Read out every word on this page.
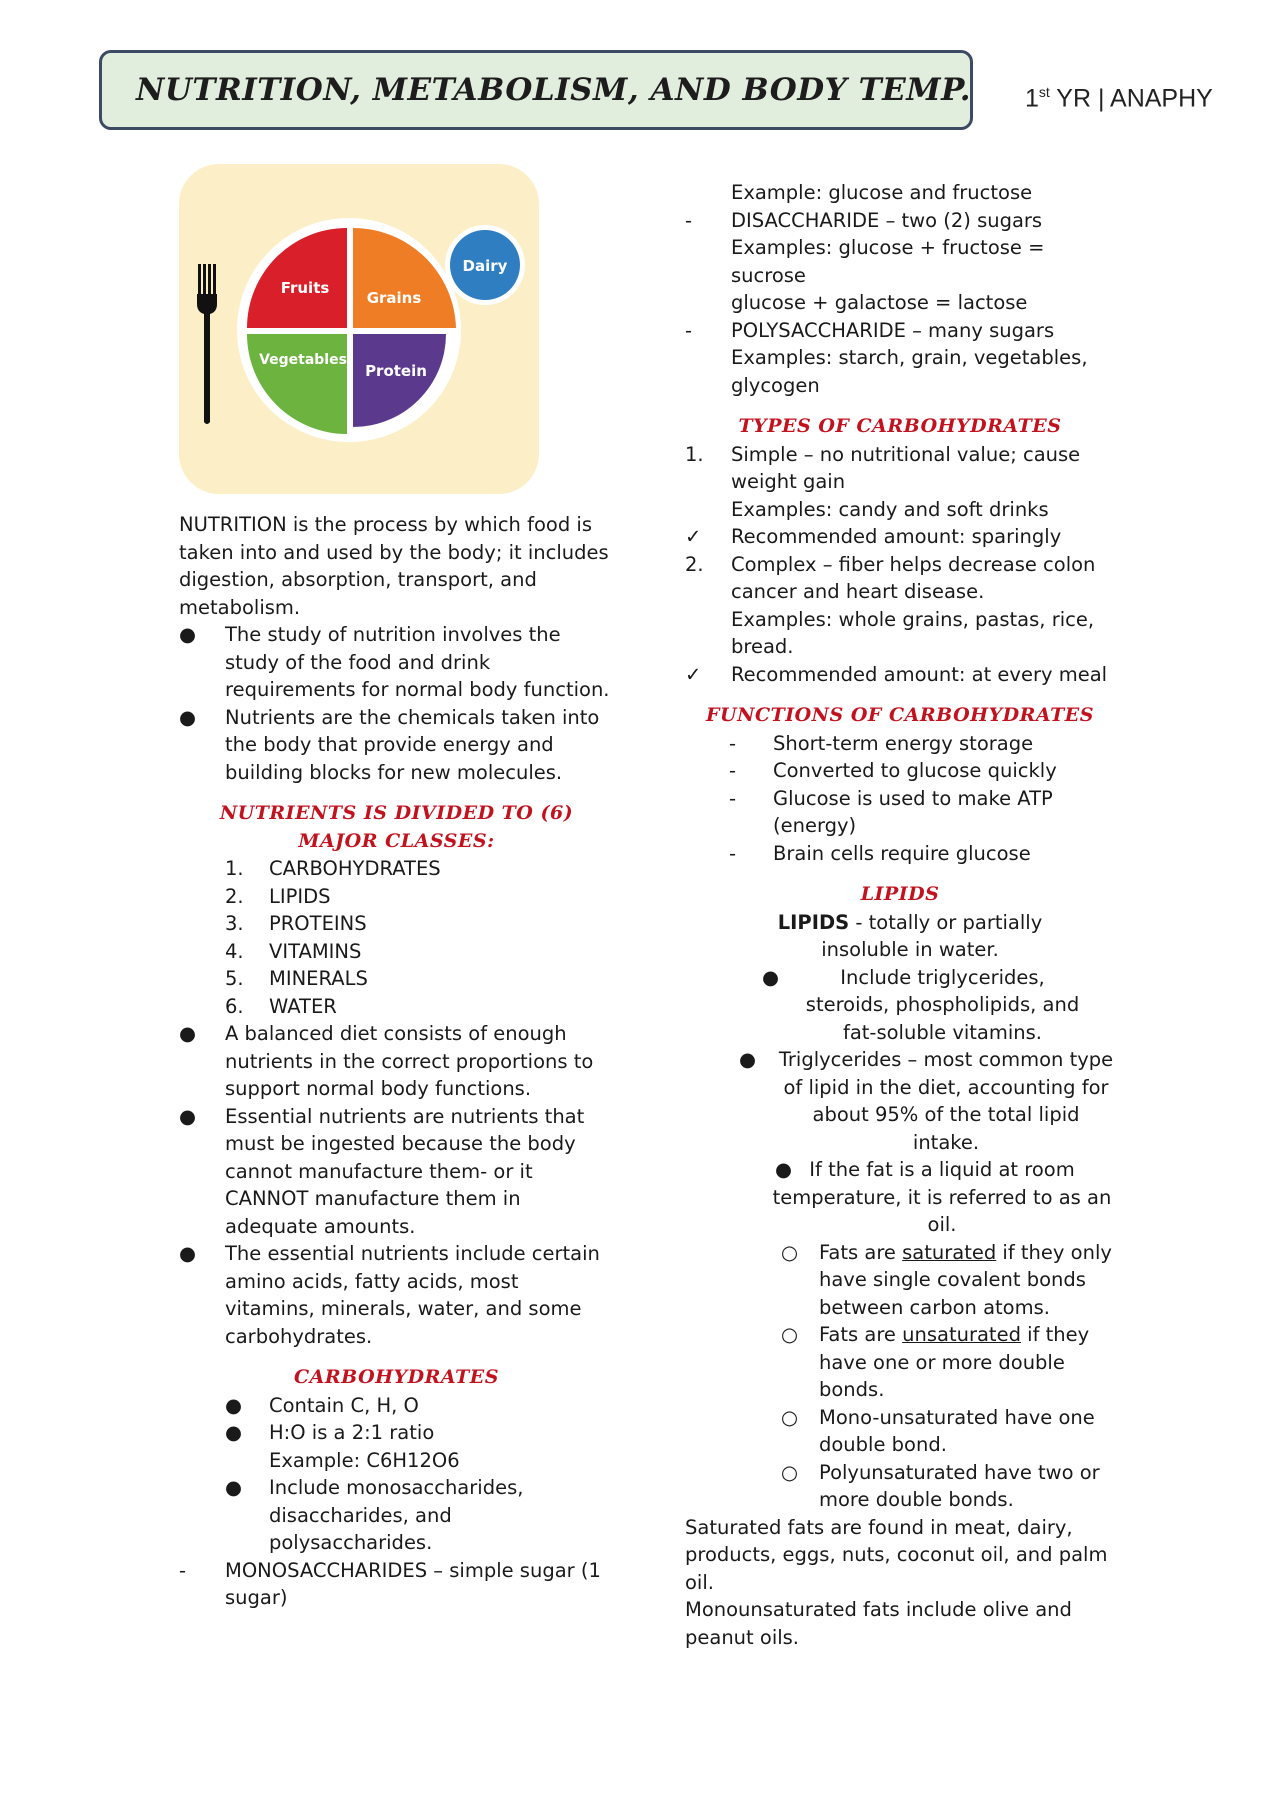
NUTRITION, METABOLISM, AND BODY TEMP. 1st YR | ANAPHY
Fruits
Grains
Vegetables
Protein
Dairy

NUTRITION is the process by which food is taken into and used by the body; it includes digestion, absorption, transport, and metabolism.

●	The study of nutrition involves the study of the food and drink requirements for normal body function.
●	Nutrients are the chemicals taken into the body that provide energy and building blocks for new molecules.

NUTRIENTS IS DIVIDED TO (6)

MAJOR CLASSES:

1.	CARBOHYDRATES
2.	LIPIDS
3.	PROTEINS
4.	VITAMINS
5.	MINERALS
6.	WATER
●	A balanced diet consists of enough nutrients in the correct proportions to support normal body functions.
●	Essential nutrients are nutrients that must be ingested because the body cannot manufacture them- or it CANNOT manufacture them in adequate amounts.
●	The essential nutrients include certain amino acids, fatty acids, most vitamins, minerals, water, and some carbohydrates.

CARBOHYDRATES

●	Contain C, H, O
●	H:O is a 2:1 ratio
Example: C6H12O6
●	Include monosaccharides, disaccharides, and polysaccharides.
-	MONOSACCHARIDES – simple sugar (1 sugar)
Example: glucose and fructose
-	DISACCHARIDE – two (2) sugars
Examples: glucose + fructose = sucrose
glucose + galactose = lactose
-	POLYSACCHARIDE – many sugars
Examples: starch, grain, vegetables, glycogen

TYPES OF CARBOHYDRATES

1.	Simple – no nutritional value; cause weight gain
Examples: candy and soft drinks
✓	Recommended amount: sparingly
2.	Complex – fiber helps decrease colon cancer and heart disease.
Examples: whole grains, pastas, rice, bread.
✓	Recommended amount: at every meal

FUNCTIONS OF CARBOHYDRATES

-	Short-term energy storage
-	Converted to glucose quickly
-	Glucose is used to make ATP (energy)
-	Brain cells require glucose

LIPIDS

LIPIDS - totally or partially insoluble in water.

●	Include triglycerides, steroids, phospholipids, and fat-soluble vitamins.
●	Triglycerides – most common type of lipid in the diet, accounting for about 95% of the total lipid intake.
● If the fat is a liquid at room temperature, it is referred to as an oil.
○	Fats are saturated if they only have single covalent bonds between carbon atoms.
○	Fats are unsaturated if they have one or more double bonds.
○	Mono-unsaturated have one double bond.
○	Polyunsaturated have two or more double bonds.

Saturated fats are found in meat, dairy, products, eggs, nuts, coconut oil, and palm oil.

Monounsaturated fats include olive and peanut oils.
